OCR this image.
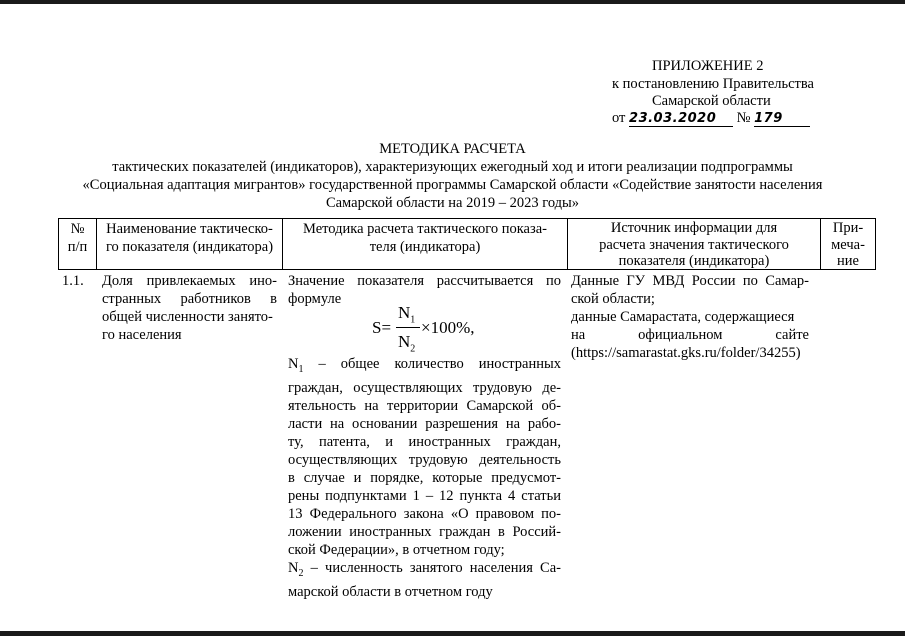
ПРИЛОЖЕНИЕ 2
к постановлению Правительства
Самарской области
от 23.03.2020 № 179
МЕТОДИКА РАСЧЕТА
тактических показателей (индикаторов), характеризующих ежегодный ход и итоги реализации подпрограммы
«Социальная адаптация мигрантов» государственной программы Самарской области «Содействие занятости населения
Самарской области на 2019 – 2023 годы»
№
п/п
Наименование тактическо-
го показателя (индикатора)
Методика расчета тактического показа-
теля (индикатора)
Источник информации для
расчета значения тактического
показателя (индикатора)
При-
меча-
ние
1.1.	Доля привлекаемых ино-
странных работников в
общей численности занято-
го населения
Значение показателя рассчитывается по
формуле
S=
$N_1 \times 100\%$,
$N_2$
$N_1$ – общее количество иностранных
граждан, осуществляющих трудовую де-
ятельность на территории Самарской об-
ласти на основании разрешения на рабо-
ту, патента, и иностранных граждан,
осуществляющих трудовую деятельность
в случае и порядке, которые предусмот-
рены подпунктами 1 – 12 пункта 4 статьи
13 Федерального закона «О правовом по-
ложении иностранных граждан в Россий-
ской Федерации», в отчетном году;
$N_2$ – численность занятого населения Са-
марской области в отчетном году
Данные ГУ МВД России по Самар-
ской области;
данные Самарастата, содержащиеся
на официальном сайте
(https://samarastat.gks.ru/folder/34255)
